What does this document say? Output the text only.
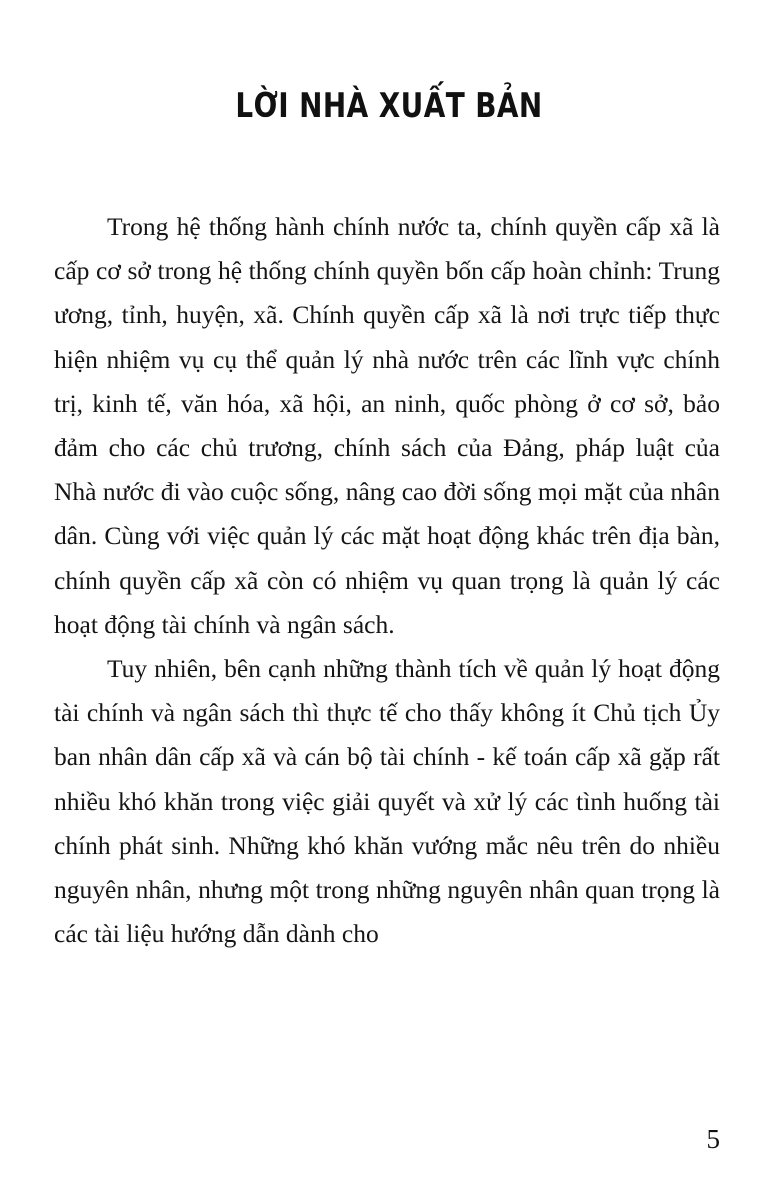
LỜI NHÀ XUẤT BẢN

Trong hệ thống hành chính nước ta, chính quyền cấp xã là cấp cơ sở trong hệ thống chính quyền bốn cấp hoàn chỉnh: Trung ương, tỉnh, huyện, xã. Chính quyền cấp xã là nơi trực tiếp thực hiện nhiệm vụ cụ thể quản lý nhà nước trên các lĩnh vực chính trị, kinh tế, văn hóa, xã hội, an ninh, quốc phòng ở cơ sở, bảo đảm cho các chủ trương, chính sách của Đảng, pháp luật của Nhà nước đi vào cuộc sống, nâng cao đời sống mọi mặt của nhân dân. Cùng với việc quản lý các mặt hoạt động khác trên địa bàn, chính quyền cấp xã còn có nhiệm vụ quan trọng là quản lý các hoạt động tài chính và ngân sách.

Tuy nhiên, bên cạnh những thành tích về quản lý hoạt động tài chính và ngân sách thì thực tế cho thấy không ít Chủ tịch Ủy ban nhân dân cấp xã và cán bộ tài chính - kế toán cấp xã gặp rất nhiều khó khăn trong việc giải quyết và xử lý các tình huống tài chính phát sinh. Những khó khăn vướng mắc nêu trên do nhiều nguyên nhân, nhưng một trong những nguyên nhân quan trọng là các tài liệu hướng dẫn dành cho

5
